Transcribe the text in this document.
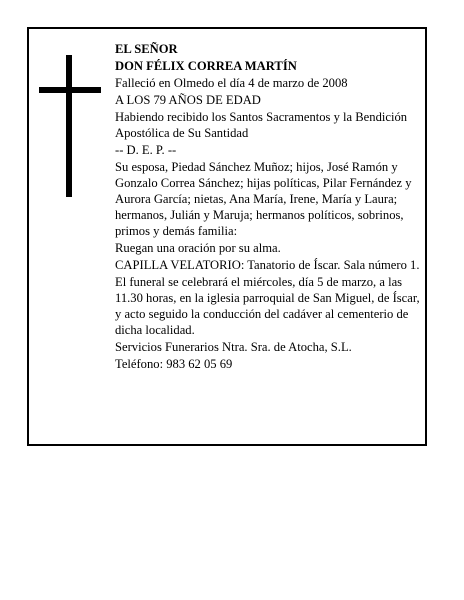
EL SEÑOR

DON FÉLIX CORREA MARTÍN

Falleció en Olmedo el día 4 de marzo de 2008

A LOS 79 AÑOS DE EDAD

Habiendo recibido los Santos Sacramentos y la Bendición Apostólica de Su Santidad

-- D. E. P. --

Su esposa, Piedad Sánchez Muñoz; hijos, José Ramón y Gonzalo Correa Sánchez; hijas políticas, Pilar Fernández y Aurora García; nietas, Ana María, Irene, María y Laura; hermanos, Julián y Maruja; hermanos políticos, sobrinos, primos y demás familia:

Ruegan una oración por su alma.

CAPILLA VELATORIO: Tanatorio de Íscar. Sala número 1.

El funeral se celebrará el miércoles, día 5 de marzo, a las 11.30 horas, en la iglesia parroquial de San Miguel, de Íscar, y acto seguido la conducción del cadáver al cementerio de dicha localidad.

Servicios Funerarios Ntra. Sra. de Atocha, S.L.

Teléfono: 983 62 05 69
